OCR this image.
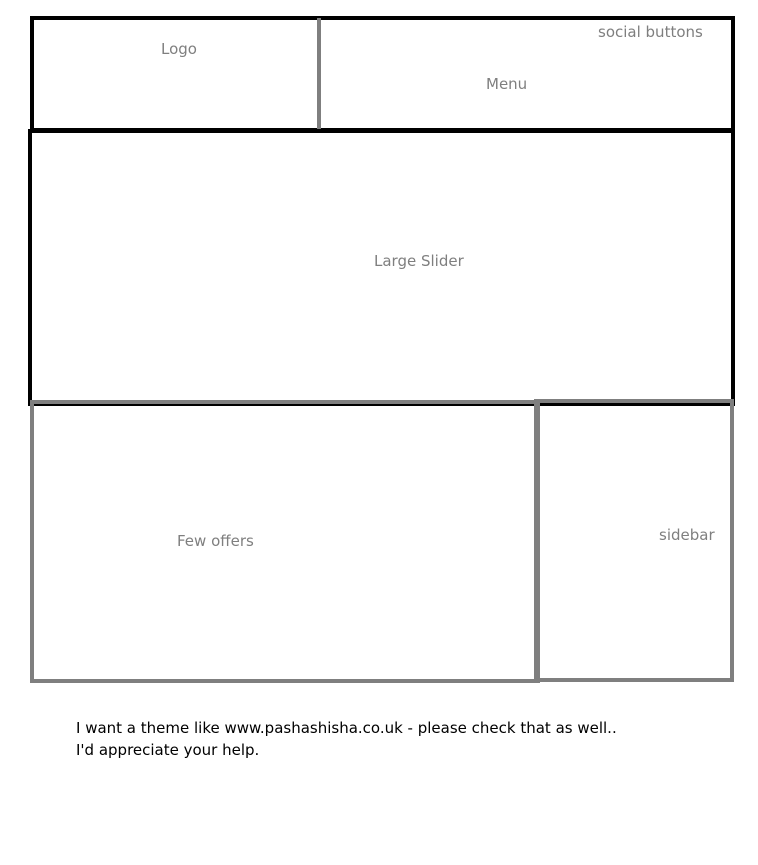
Logo
Menu
social buttons
Large Slider
Few offers	sidebar
I want a theme like www.pashashisha.co.uk - please check that as well..
I'd appreciate your help.
